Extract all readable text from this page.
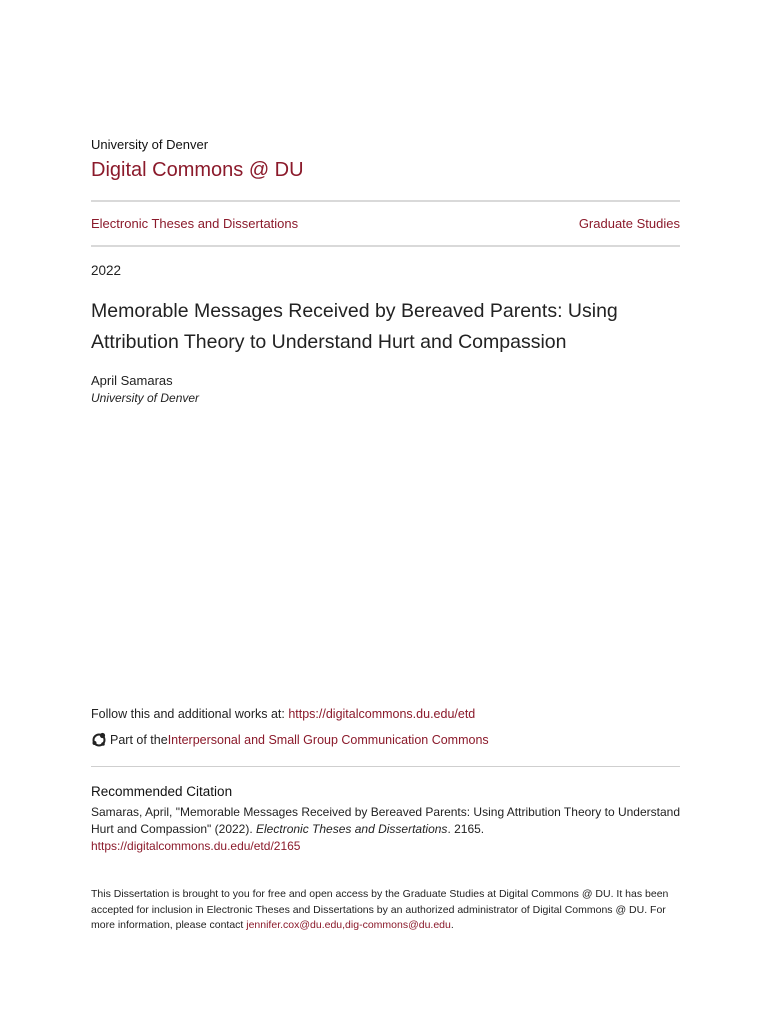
University of Denver
Digital Commons @ DU
Electronic Theses and Dissertations	Graduate Studies
2022
Memorable Messages Received by Bereaved Parents: Using Attribution Theory to Understand Hurt and Compassion
April Samaras
University of Denver
Follow this and additional works at: https://digitalcommons.du.edu/etd
Part of the Interpersonal and Small Group Communication Commons
Recommended Citation
Samaras, April, "Memorable Messages Received by Bereaved Parents: Using Attribution Theory to Understand Hurt and Compassion" (2022). Electronic Theses and Dissertations. 2165.
https://digitalcommons.du.edu/etd/2165
This Dissertation is brought to you for free and open access by the Graduate Studies at Digital Commons @ DU. It has been accepted for inclusion in Electronic Theses and Dissertations by an authorized administrator of Digital Commons @ DU. For more information, please contact jennifer.cox@du.edu,dig-commons@du.edu.
